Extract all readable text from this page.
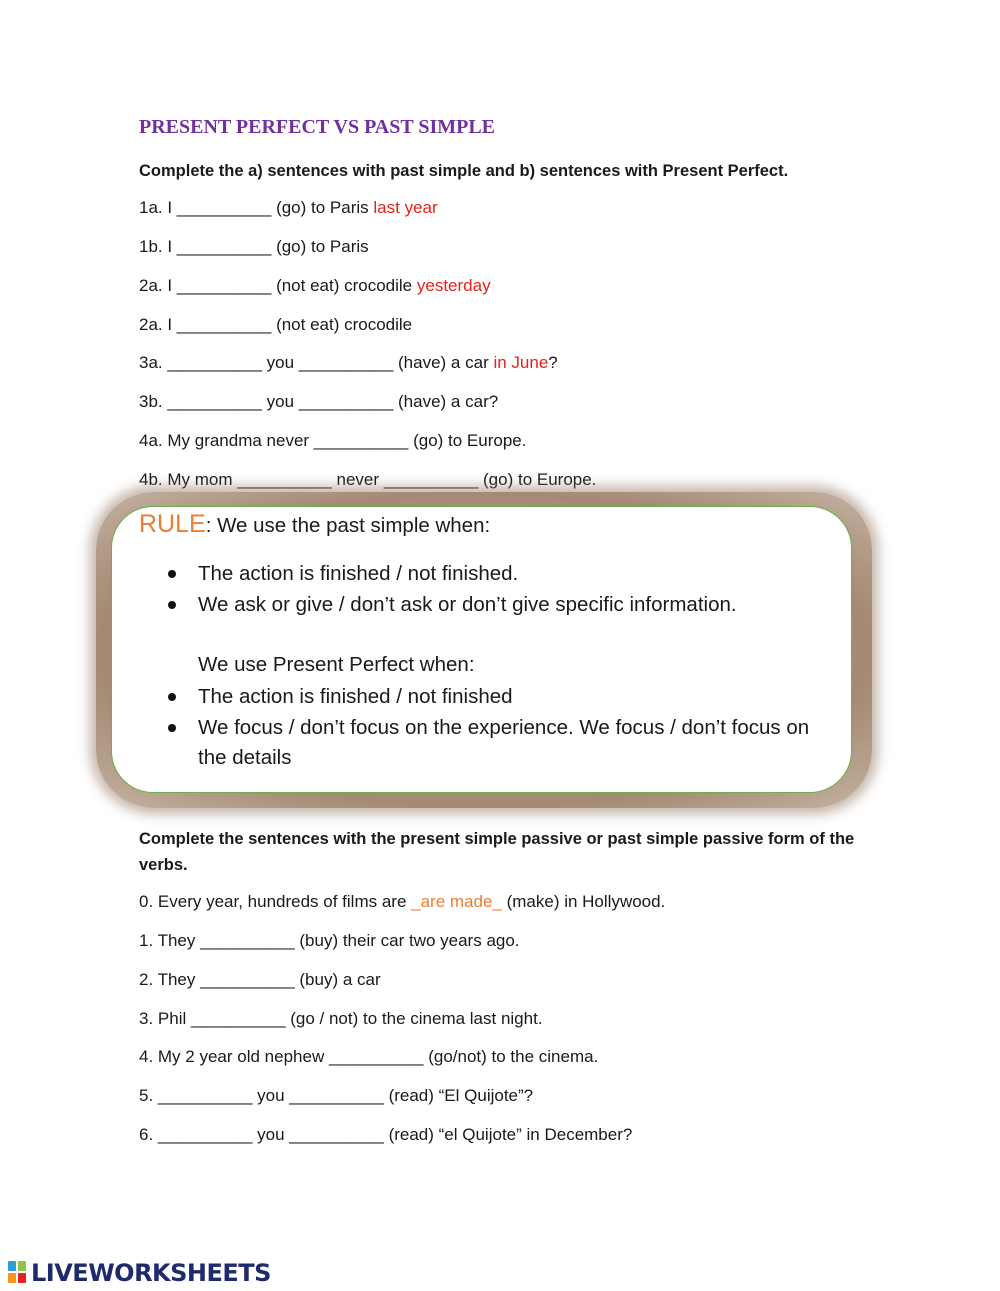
PRESENT PERFECT VS PAST SIMPLE
Complete the a) sentences with past simple and b) sentences with Present Perfect.
1a. I __________ (go) to Paris last year
1b. I __________ (go) to Paris
2a. I __________ (not eat) crocodile yesterday
2a. I __________ (not eat) crocodile
3a. __________ you __________ (have) a car in June?
3b. __________ you __________ (have) a car?
4a. My grandma never __________ (go) to Europe.
4b. My mom __________ never __________ (go) to Europe.
RULE: We use the past simple when:
The action is finished / not finished.
We ask or give / don’t ask or don’t give specific information.
We use Present Perfect when:
The action is finished / not finished
We focus / don’t focus on the experience. We focus / don’t focus on the details
Complete the sentences with the present simple passive or past simple passive form of the verbs.
0. Every year, hundreds of films are _are made_ (make) in Hollywood.
1. They __________ (buy) their car two years ago.
2. They __________ (buy) a car
3. Phil __________ (go / not) to the cinema last night.
4. My 2 year old nephew __________ (go/not) to the cinema.
5. __________ you __________ (read) “El Quijote”?
6. __________ you __________ (read) “el Quijote” in December?
LIVEWORKSHEETS
